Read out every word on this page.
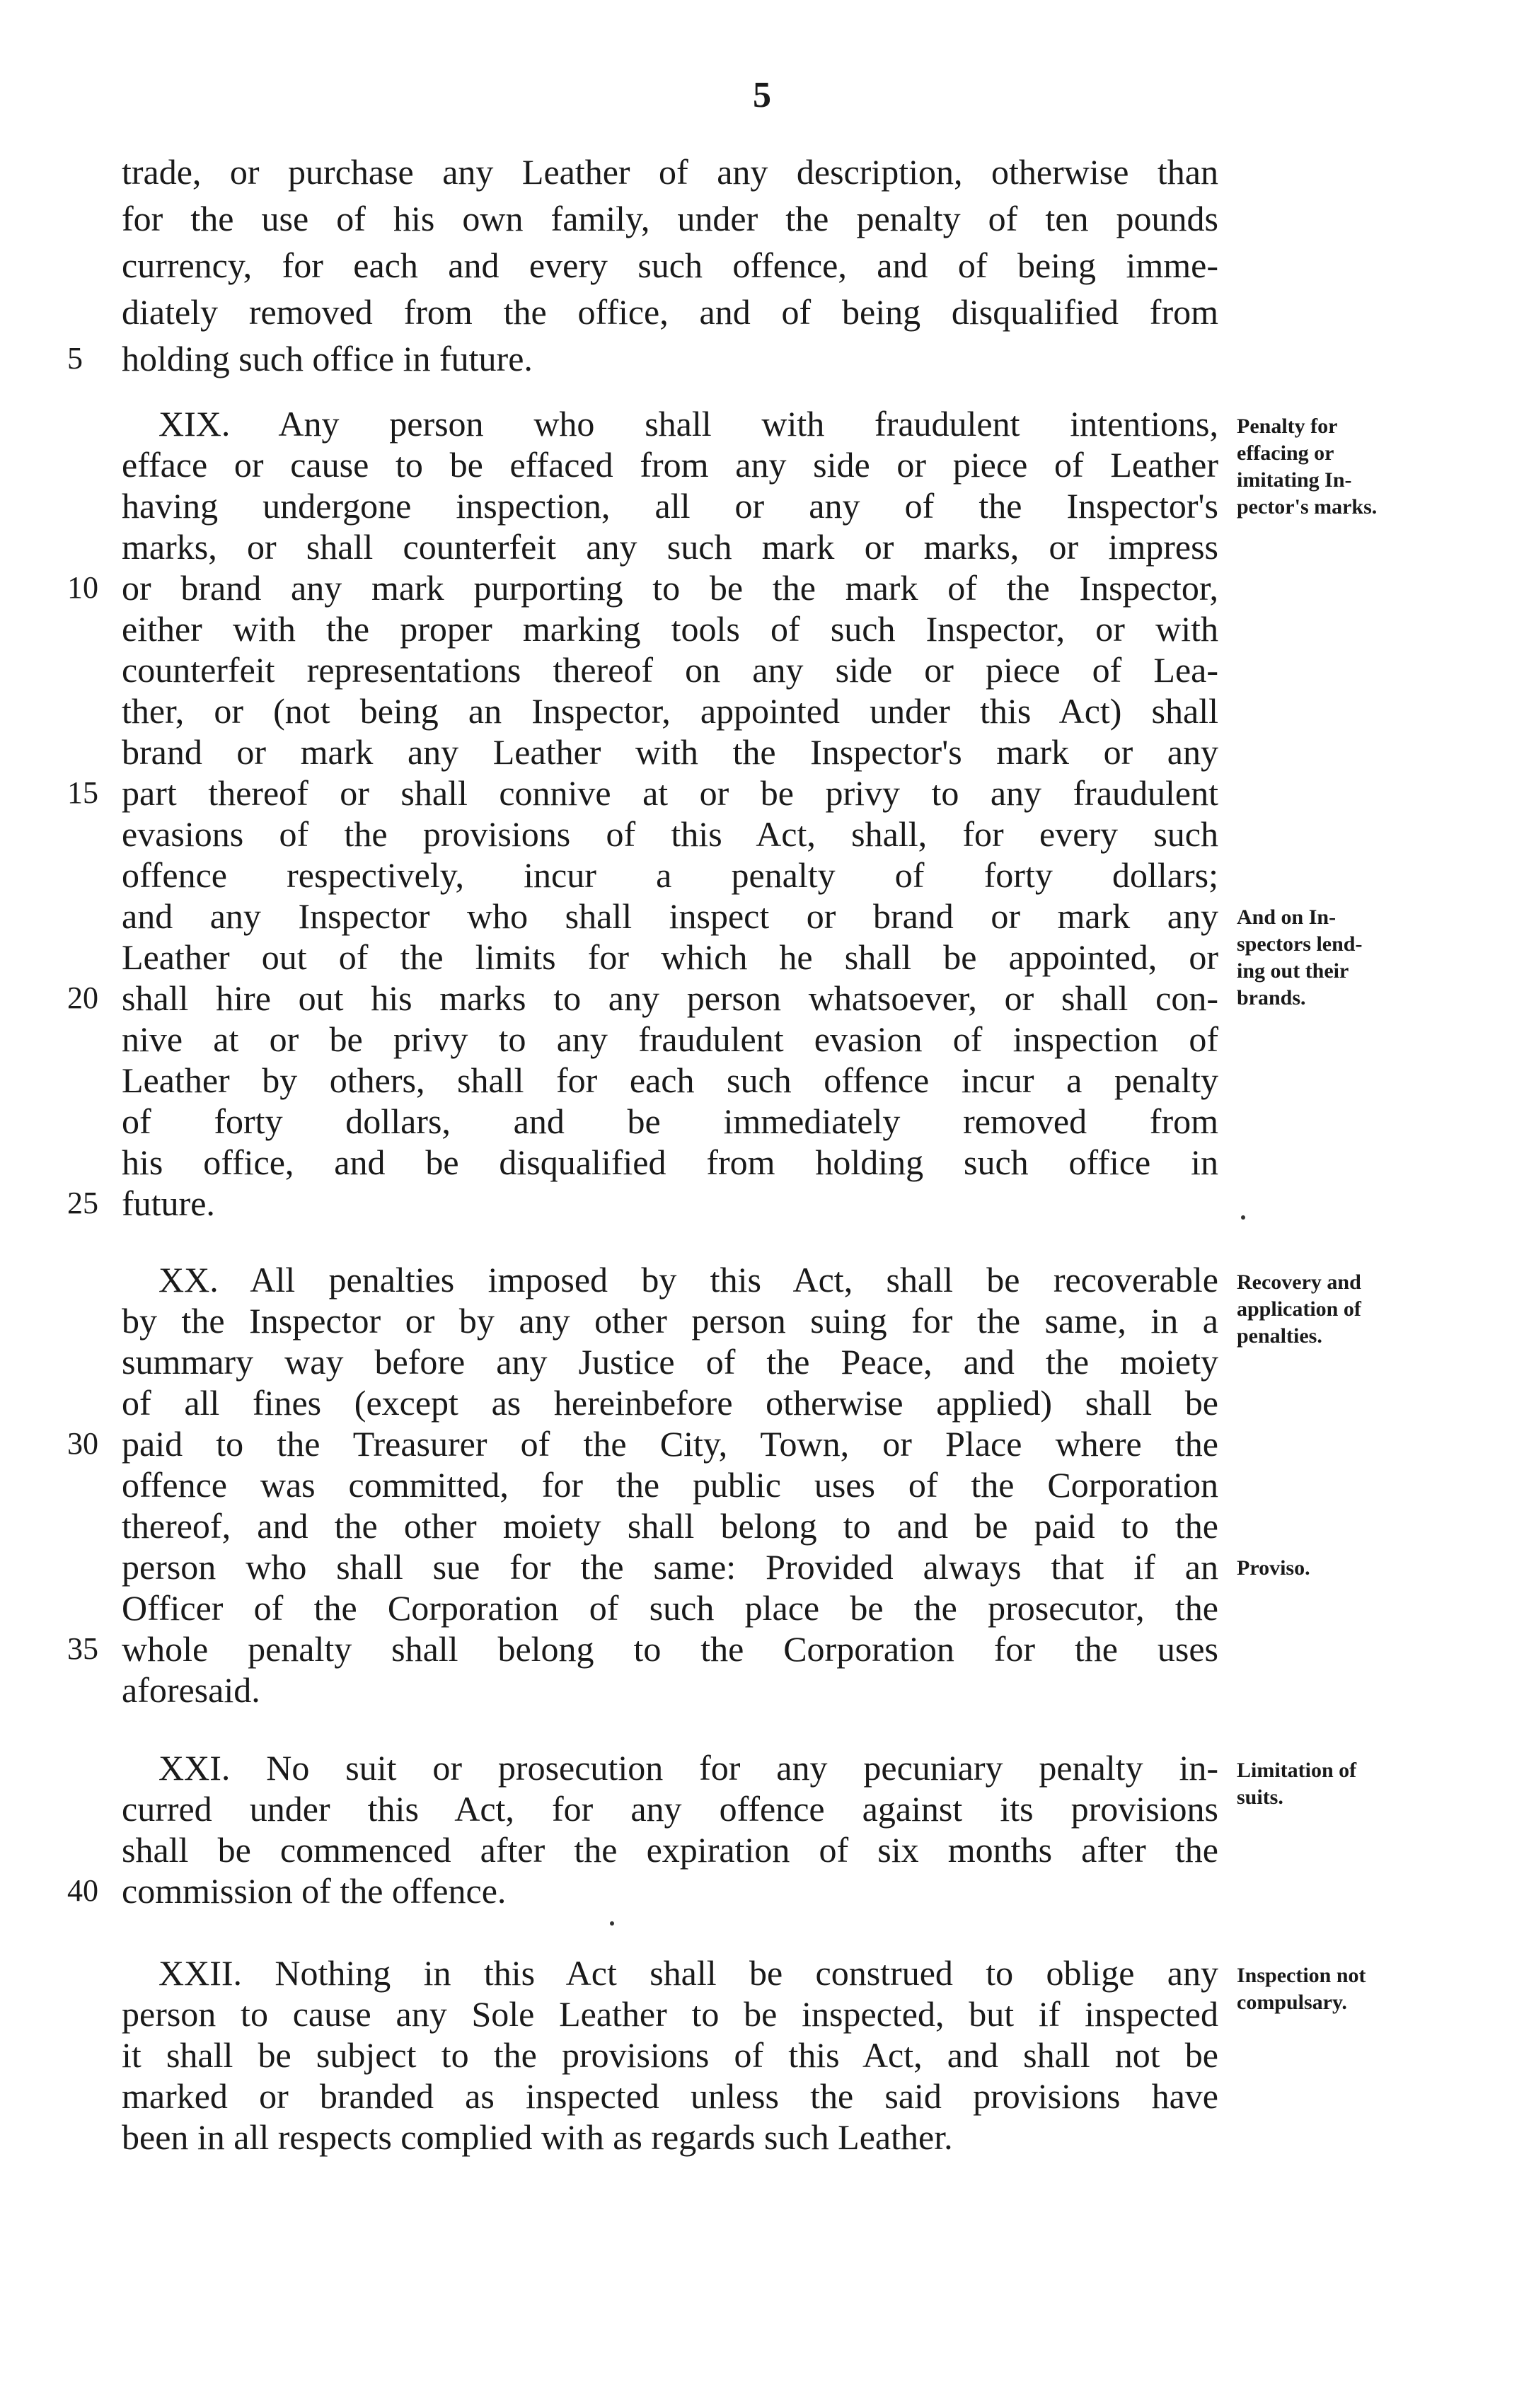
5
trade, or purchase any Leather of any description, otherwise than
for the use of his own family, under the penalty of ten pounds
currency, for each and every such offence, and of being imme-
diately removed from the office, and of being disqualified from
holding such office in future.
5
XIX. Any person who shall with fraudulent intentions,
efface or cause to be effaced from any side or piece of Leather
having undergone inspection, all or any of the Inspector's
marks, or shall counterfeit any such mark or marks, or impress
or brand any mark purporting to be the mark of the Inspector,
10
either with the proper marking tools of such Inspector, or with
counterfeit representations thereof on any side or piece of Lea-
ther, or (not being an Inspector, appointed under this Act) shall
brand or mark any Leather with the Inspector's mark or any
part thereof or shall connive at or be privy to any fraudulent
15
evasions of the provisions of this Act, shall, for every such
offence respectively, incur a penalty of forty dollars;
and any Inspector who shall inspect or brand or mark any
Leather out of the limits for which he shall be appointed, or
shall hire out his marks to any person whatsoever, or shall con-
20
nive at or be privy to any fraudulent evasion of inspection of
Leather by others, shall for each such offence incur a penalty
of forty dollars, and be immediately removed from
his office, and be disqualified from holding such office in
future.
25
XX. All penalties imposed by this Act, shall be recoverable
by the Inspector or by any other person suing for the same, in a
summary way before any Justice of the Peace, and the moiety
of all fines (except as hereinbefore otherwise applied) shall be
paid to the Treasurer of the City, Town, or Place where the
30
offence was committed, for the public uses of the Corporation
thereof, and the other moiety shall belong to and be paid to the
person who shall sue for the same: Provided always that if an
Officer of the Corporation of such place be the prosecutor, the
whole penalty shall belong to the Corporation for the uses
35
aforesaid.
XXI. No suit or prosecution for any pecuniary penalty in-
curred under this Act, for any offence against its provisions
shall be commenced after the expiration of six months after the
commission of the offence.
40
XXII. Nothing in this Act shall be construed to oblige any
person to cause any Sole Leather to be inspected, but if inspected
it shall be subject to the provisions of this Act, and shall not be
marked or branded as inspected unless the said provisions have
been in all respects complied with as regards such Leather.
Penalty for
effacing or
imitating In-
pector's marks.
And on In-
spectors lend-
ing out their
brands.
Recovery and
application of
penalties.
Proviso.
Limitation of
suits.
Inspection not
compulsary.
